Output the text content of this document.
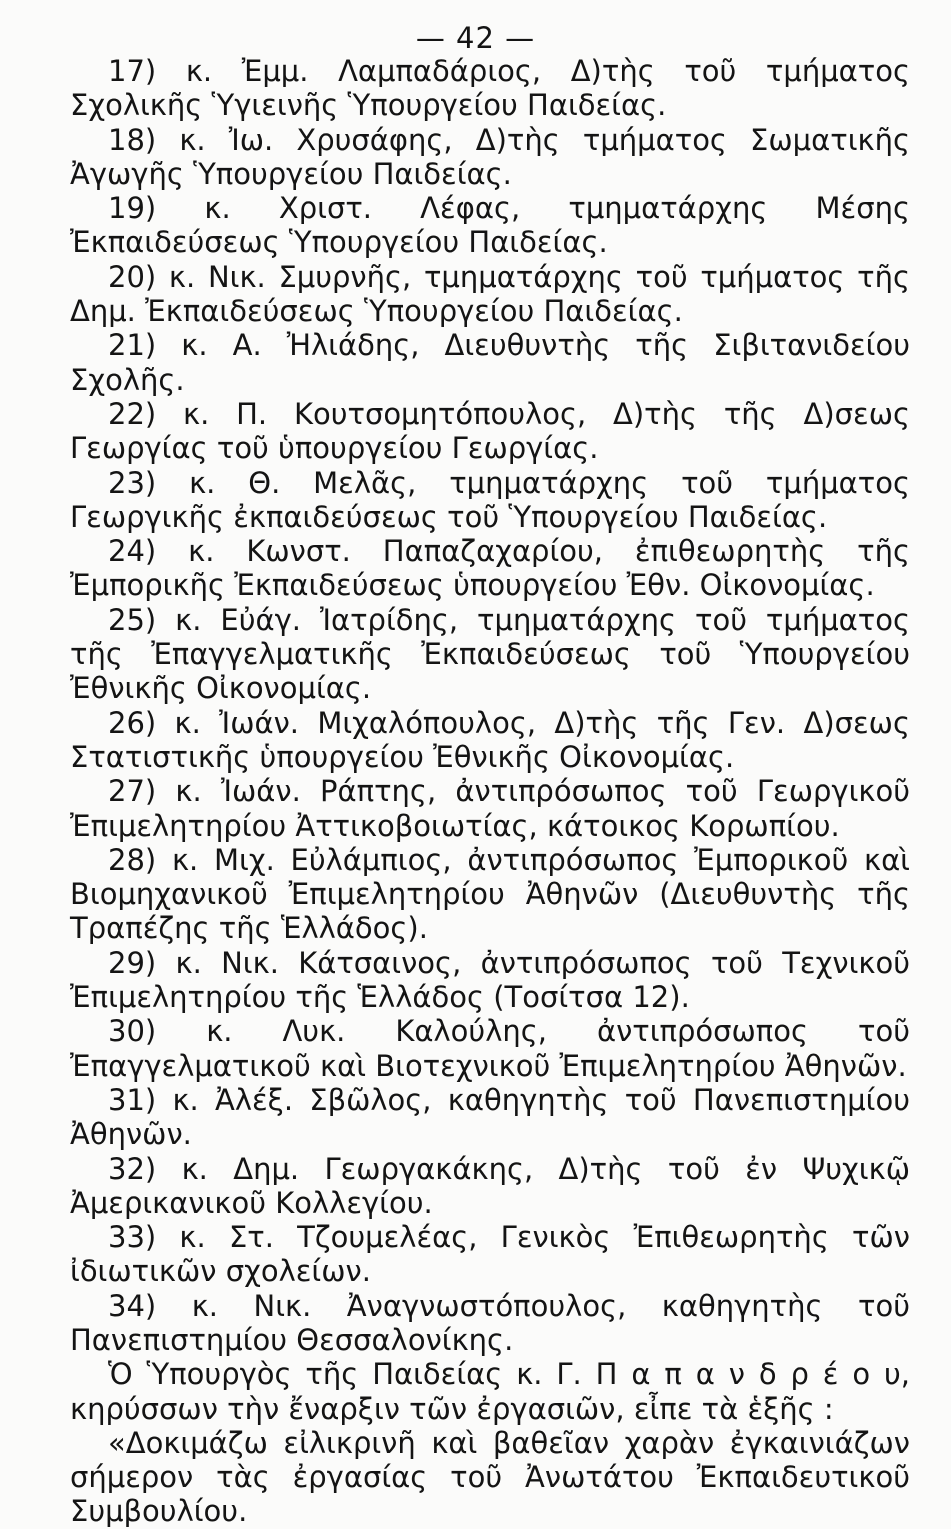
— 42 —

17) κ. Ἐμμ. Λαμπαδάριος, Δ)τὴς τοῦ τμήματος Σχολικῆς Ὑγιεινῆς Ὑπουργείου Παιδείας.

18) κ. Ἰω. Χρυσάφης, Δ)τὴς τμήματος Σωματικῆς Ἀγωγῆς Ὑπουργείου Παιδείας.

19) κ. Χριστ. Λέφας, τμηματάρχης Μέσης Ἐκπαιδεύσεως Ὑπουργείου Παιδείας.

20) κ. Νικ. Σμυρνῆς, τμηματάρχης τοῦ τμήματος τῆς Δημ. Ἐκπαιδεύσεως Ὑπουργείου Παιδείας.

21) κ. Α. Ἠλιάδης, Διευθυντὴς τῆς Σιβιτανιδείου Σχολῆς.

22) κ. Π. Κουτσομητόπουλος, Δ)τὴς τῆς Δ)σεως Γεωργίας τοῦ ὑπουργείου Γεωργίας.

23) κ. Θ. Μελᾶς, τμηματάρχης τοῦ τμήματος Γεωργικῆς ἐκπαιδεύσεως τοῦ Ὑπουργείου Παιδείας.

24) κ. Κωνστ. Παπαζαχαρίου, ἐπιθεωρητὴς τῆς Ἐμπορικῆς Ἐκπαιδεύσεως ὑπουργείου Ἐθν. Οἰκονομίας.

25) κ. Εὐάγ. Ἰατρίδης, τμηματάρχης τοῦ τμήματος τῆς Ἐπαγγελματικῆς Ἐκπαιδεύσεως τοῦ Ὑπουργείου Ἐθνικῆς Οἰκονομίας.

26) κ. Ἰωάν. Μιχαλόπουλος, Δ)τὴς τῆς Γεν. Δ)σεως Στατιστικῆς ὑπουργείου Ἐθνικῆς Οἰκονομίας.

27) κ. Ἰωάν. Ράπτης, ἀντιπρόσωπος τοῦ Γεωργικοῦ Ἐπιμελητηρίου Ἀττικοβοιωτίας, κάτοικος Κορωπίου.

28) κ. Μιχ. Εὐλάμπιος, ἀντιπρόσωπος Ἐμπορικοῦ καὶ Βιομηχανικοῦ Ἐπιμελητηρίου Ἀθηνῶν (Διευθυντὴς τῆς Τραπέζης τῆς Ἑλλάδος).

29) κ. Νικ. Κάτσαινος, ἀντιπρόσωπος τοῦ Τεχνικοῦ Ἐπιμελητηρίου τῆς Ἑλλάδος (Τοσίτσα 12).

30) κ. Λυκ. Καλούλης, ἀντιπρόσωπος τοῦ Ἐπαγγελματικοῦ καὶ Βιοτεχνικοῦ Ἐπιμελητηρίου Ἀθηνῶν.

31) κ. Ἀλέξ. Σβῶλος, καθηγητὴς τοῦ Πανεπιστημίου Ἀθηνῶν.

32) κ. Δημ. Γεωργακάκης, Δ)τὴς τοῦ ἐν Ψυχικῷ Ἀμερικανικοῦ Κολλεγίου.

33) κ. Στ. Τζουμελέας, Γενικὸς Ἐπιθεωρητὴς τῶν ἰδιωτικῶν σχολείων.

34) κ. Νικ. Ἀναγνωστόπουλος, καθηγητὴς τοῦ Πανεπιστημίου Θεσσαλονίκης.

Ὁ Ὑπουργὸς τῆς Παιδείας κ. Γ. Π α π α ν δ ρ έ ο υ, κηρύσσων τὴν ἔναρξιν τῶν ἐργασιῶν, εἶπε τὰ ἑξῆς :

«Δοκιμάζω εἰλικρινῆ καὶ βαθεῖαν χαρὰν ἐγκαινιάζων σήμερον τὰς ἐργασίας τοῦ Ἀνωτάτου Ἐκπαιδευτικοῦ Συμβουλίου.
